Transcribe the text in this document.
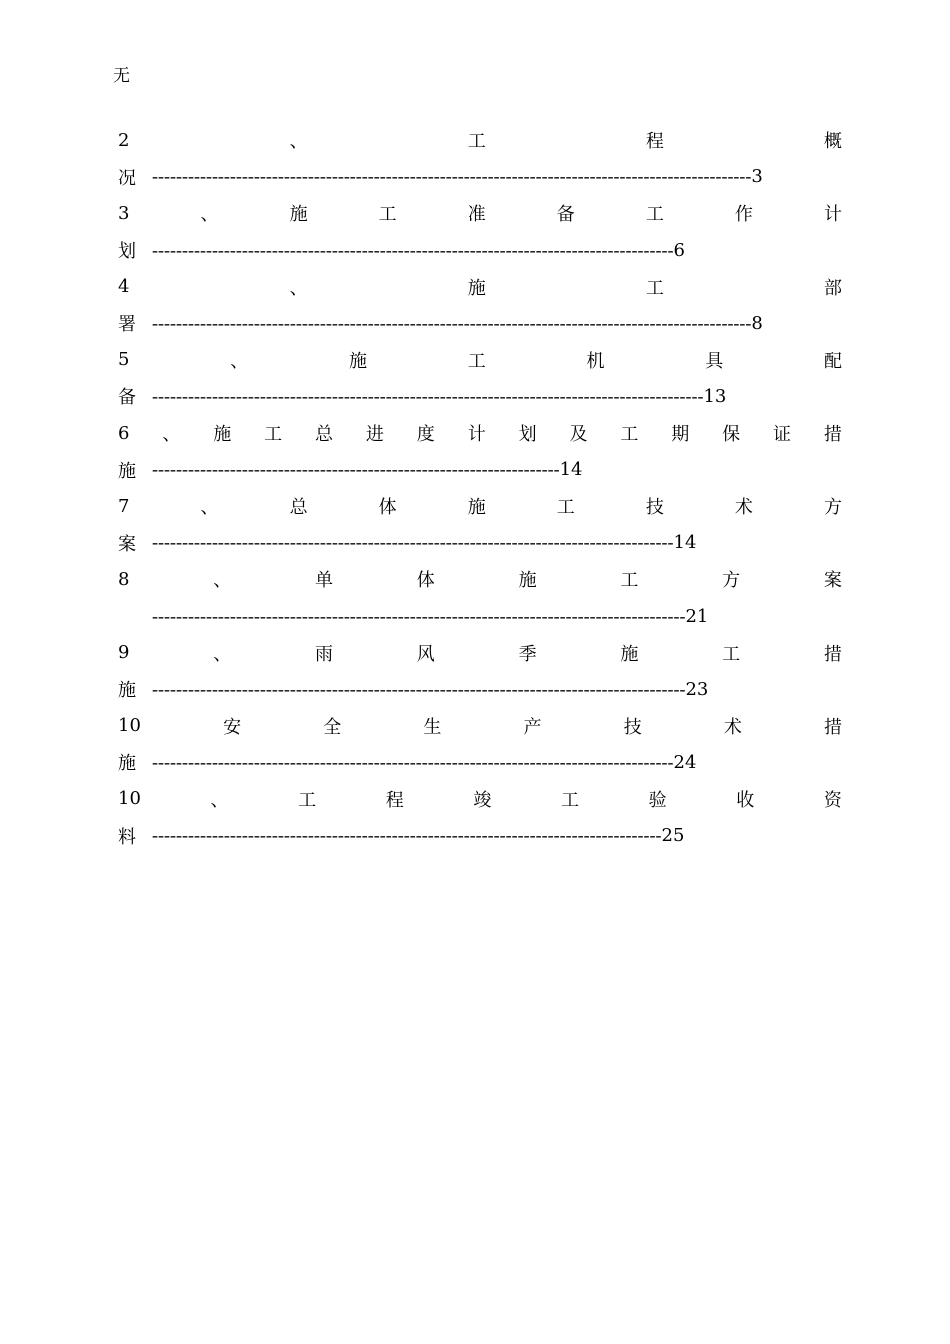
无
2	、	工	程	概
况 ---------------------------------------------------------------------------------------------------- 3
3	、	施	工	准	备	工	作	计
划 --------------------------------------------------------------------------------------- 6
4	、	施	工	部
署 ---------------------------------------------------------------------------------------------------- 8
5	、	施	工	机	具	配
备 -------------------------------------------------------------------------------------------- 13
6 、 施 工 总 进 度 计 划 及 工 期 保 证 措
施 -------------------------------------------------------------------- 14
7	、	总	体	施	工	技	术	方
案 --------------------------------------------------------------------------------------- 14
8	、	单	体	施	工	方	案
----------------------------------------------------------------------------------------- 21
9	、	雨	风	季	施	工	措
施 ----------------------------------------------------------------------------------------- 23
10	安	全	生	产	技	术	措
施 --------------------------------------------------------------------------------------- 24
10	、	工	程	竣	工	验	收	资
料 ------------------------------------------------------------------------------------- 25
